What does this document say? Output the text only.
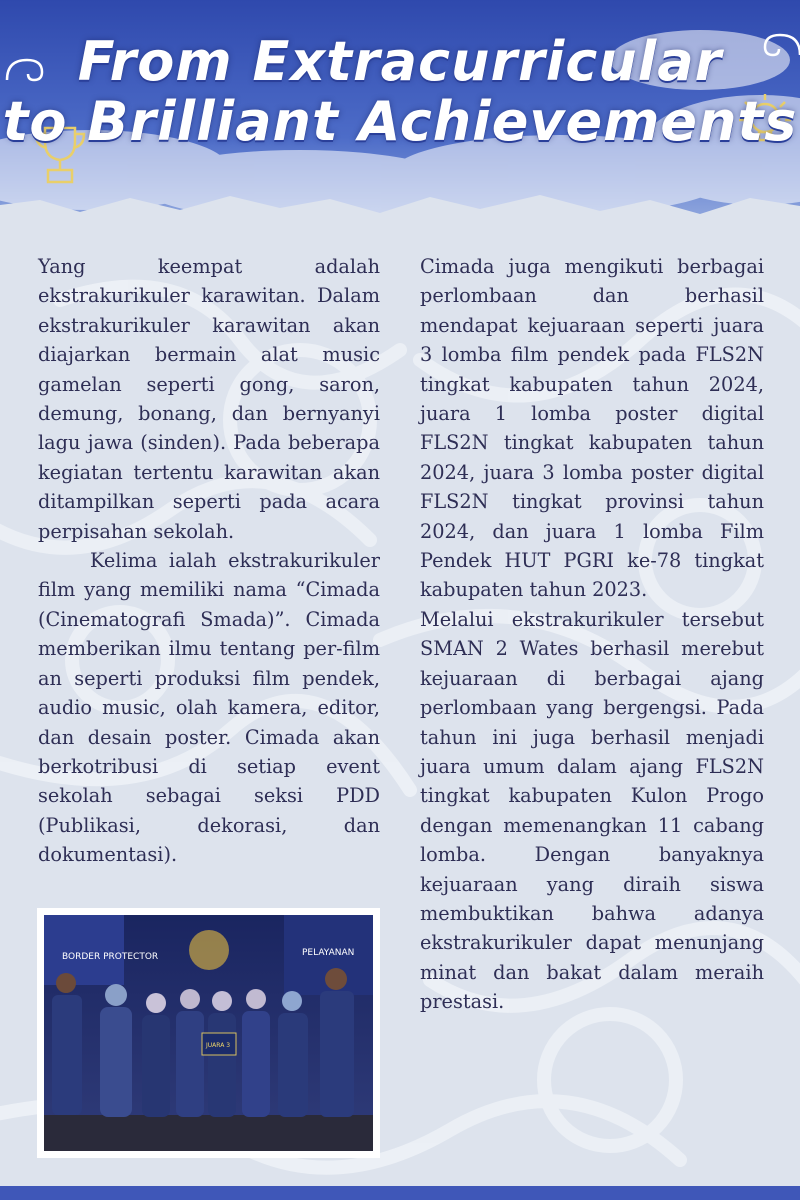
From Extracurricular
to Brilliant Achievements

Yang keempat adalah ekstrakurikuler karawitan. Dalam ekstrakurikuler karawitan akan diajarkan bermain alat music gamelan seperti gong, saron, demung, bonang, dan bernyanyi lagu jawa (sinden). Pada beberapa kegiatan tertentu karawitan akan ditampilkan seperti pada acara perpisahan sekolah.

Kelima ialah ekstrakurikuler film yang memiliki nama “Cimada (Cinematografi Smada)”. Cimada memberikan ilmu tentang per-film an seperti produksi film pendek, audio music, olah kamera, editor, dan desain poster. Cimada akan berkotribusi di setiap event sekolah sebagai seksi PDD (Publikasi, dekorasi, dan dokumentasi).

Cimada juga mengikuti berbagai perlombaan dan berhasil mendapat kejuaraan seperti juara 3 lomba film pendek pada FLS2N tingkat kabupaten tahun 2024, juara 1 lomba poster digital FLS2N tingkat kabupaten tahun 2024, juara 3 lomba poster digital FLS2N tingkat provinsi tahun 2024, dan juara 1 lomba Film Pendek HUT PGRI ke-78 tingkat kabupaten tahun 2023.

Melalui ekstrakurikuler tersebut SMAN 2 Wates berhasil merebut kejuaraan di berbagai ajang perlombaan yang bergengsi. Pada tahun ini juga berhasil menjadi juara umum dalam ajang FLS2N tingkat kabupaten Kulon Progo dengan memenangkan 11 cabang lomba. Dengan banyaknya kejuaraan yang diraih siswa membuktikan bahwa adanya ekstrakurikuler dapat menunjang minat dan bakat dalam meraih prestasi.

BORDER PROTECTOR	PELAYANAN
JUARA 3
